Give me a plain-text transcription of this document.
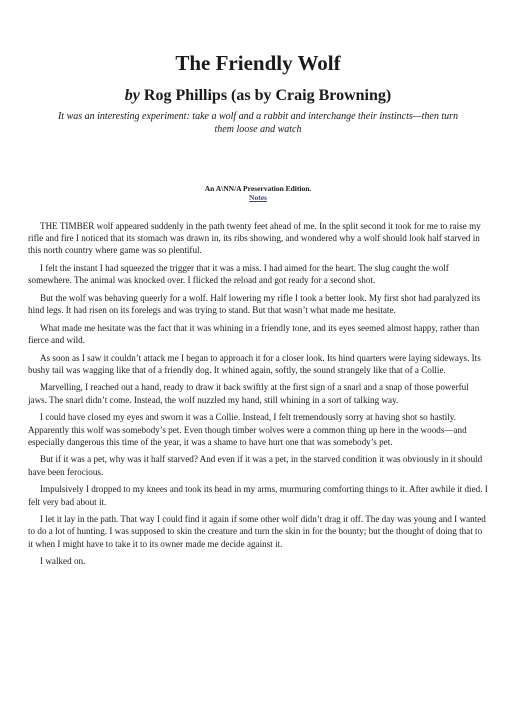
The Friendly Wolf
by Rog Phillips (as by Craig Browning)
It was an interesting experiment: take a wolf and a rabbit and interchange their instincts—then turn them loose and watch
An A\NN/A Preservation Edition.
Notes

THE TIMBER wolf appeared suddenly in the path twenty feet ahead of me. In the split second it took for me to raise my rifle and fire I noticed that its stomach was drawn in, its ribs showing, and wondered why a wolf should look half starved in this north country where game was so plentiful.

I felt the instant I had squeezed the trigger that it was a miss. I had aimed for the heart. The slug caught the wolf somewhere. The animal was knocked over. I flicked the reload and got ready for a second shot.

But the wolf was behaving queerly for a wolf. Half lowering my rifle I took a better look. My first shot had paralyzed its hind legs. It had risen on its forelegs and was trying to stand. But that wasn’t what made me hesitate.

What made me hesitate was the fact that it was whining in a friendly tone, and its eyes seemed almost happy, rather than fierce and wild.

As soon as I saw it couldn’t attack me I began to approach it for a closer look. Its hind quarters were laying sideways. Its bushy tail was wagging like that of a friendly dog. It whined again, softly, the sound strangely like that of a Collie.

Marvelling, I reached out a hand, ready to draw it back swiftly at the first sign of a snarl and a snap of those powerful jaws. The snarl didn’t come. Instead, the wolf nuzzled my hand, still whining in a sort of talking way.

I could have closed my eyes and sworn it was a Collie. Instead, I felt tremendously sorry at having shot so hastily. Apparently this wolf was somebody’s pet. Even though timber wolves were a common thing up here in the woods—and especially dangerous this time of the year, it was a shame to have hurt one that was somebody’s pet.

But if it was a pet, why was it half starved? And even if it was a pet, in the starved condition it was obviously in it should have been ferocious.

Impulsively I dropped to my knees and took its head in my arms, murmuring comforting things to it. After awhile it died. I felt very bad about it.

I let it lay in the path. That way I could find it again if some other wolf didn’t drag it off. The day was young and I wanted to do a lot of hunting. I was supposed to skin the creature and turn the skin in for the bounty; but the thought of doing that to it when I might have to take it to its owner made me decide against it.

I walked on.
